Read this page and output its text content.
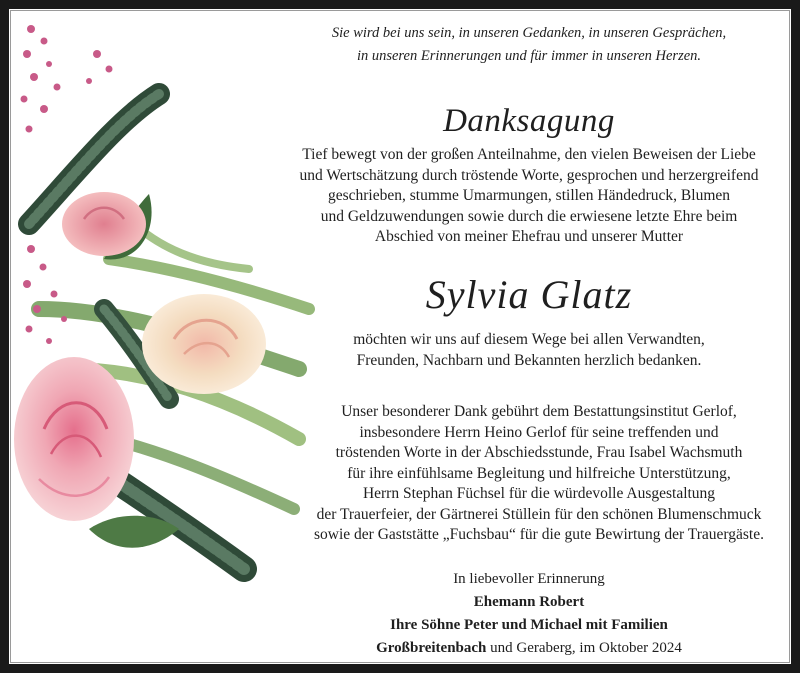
Sie wird bei uns sein, in unseren Gedanken, in unseren Gesprächen,
in unseren Erinnerungen und für immer in unseren Herzen.
Danksagung
Tief bewegt von der großen Anteilnahme, den vielen Beweisen der Liebe
und Wertschätzung durch tröstende Worte, gesprochen und herzergreifend
geschrieben, stumme Umarmungen, stillen Händedruck, Blumen
und Geldzuwendungen sowie durch die erwiesene letzte Ehre beim
Abschied von meiner Ehefrau und unserer Mutter
Sylvia Glatz
möchten wir uns auf diesem Wege bei allen Verwandten,
Freunden, Nachbarn und Bekannten herzlich bedanken.
Unser besonderer Dank gebührt dem Bestattungsinstitut Gerlof,
insbesondere Herrn Heino Gerlof für seine treffenden und
tröstenden Worte in der Abschiedsstunde, Frau Isabel Wachsmuth
für ihre einfühlsame Begleitung und hilfreiche Unterstützung,
Herrn Stephan Füchsel für die würdevolle Ausgestaltung
der Trauerfeier, der Gärtnerei Stüllein für den schönen Blumenschmuck
sowie der Gaststätte „Fuchsbau“ für die gute Bewirtung der Trauergäste.
In liebevoller Erinnerung
Ehemann Robert
Ihre Söhne Peter und Michael mit Familien
Großbreitenbach und Geraberg, im Oktober 2024
